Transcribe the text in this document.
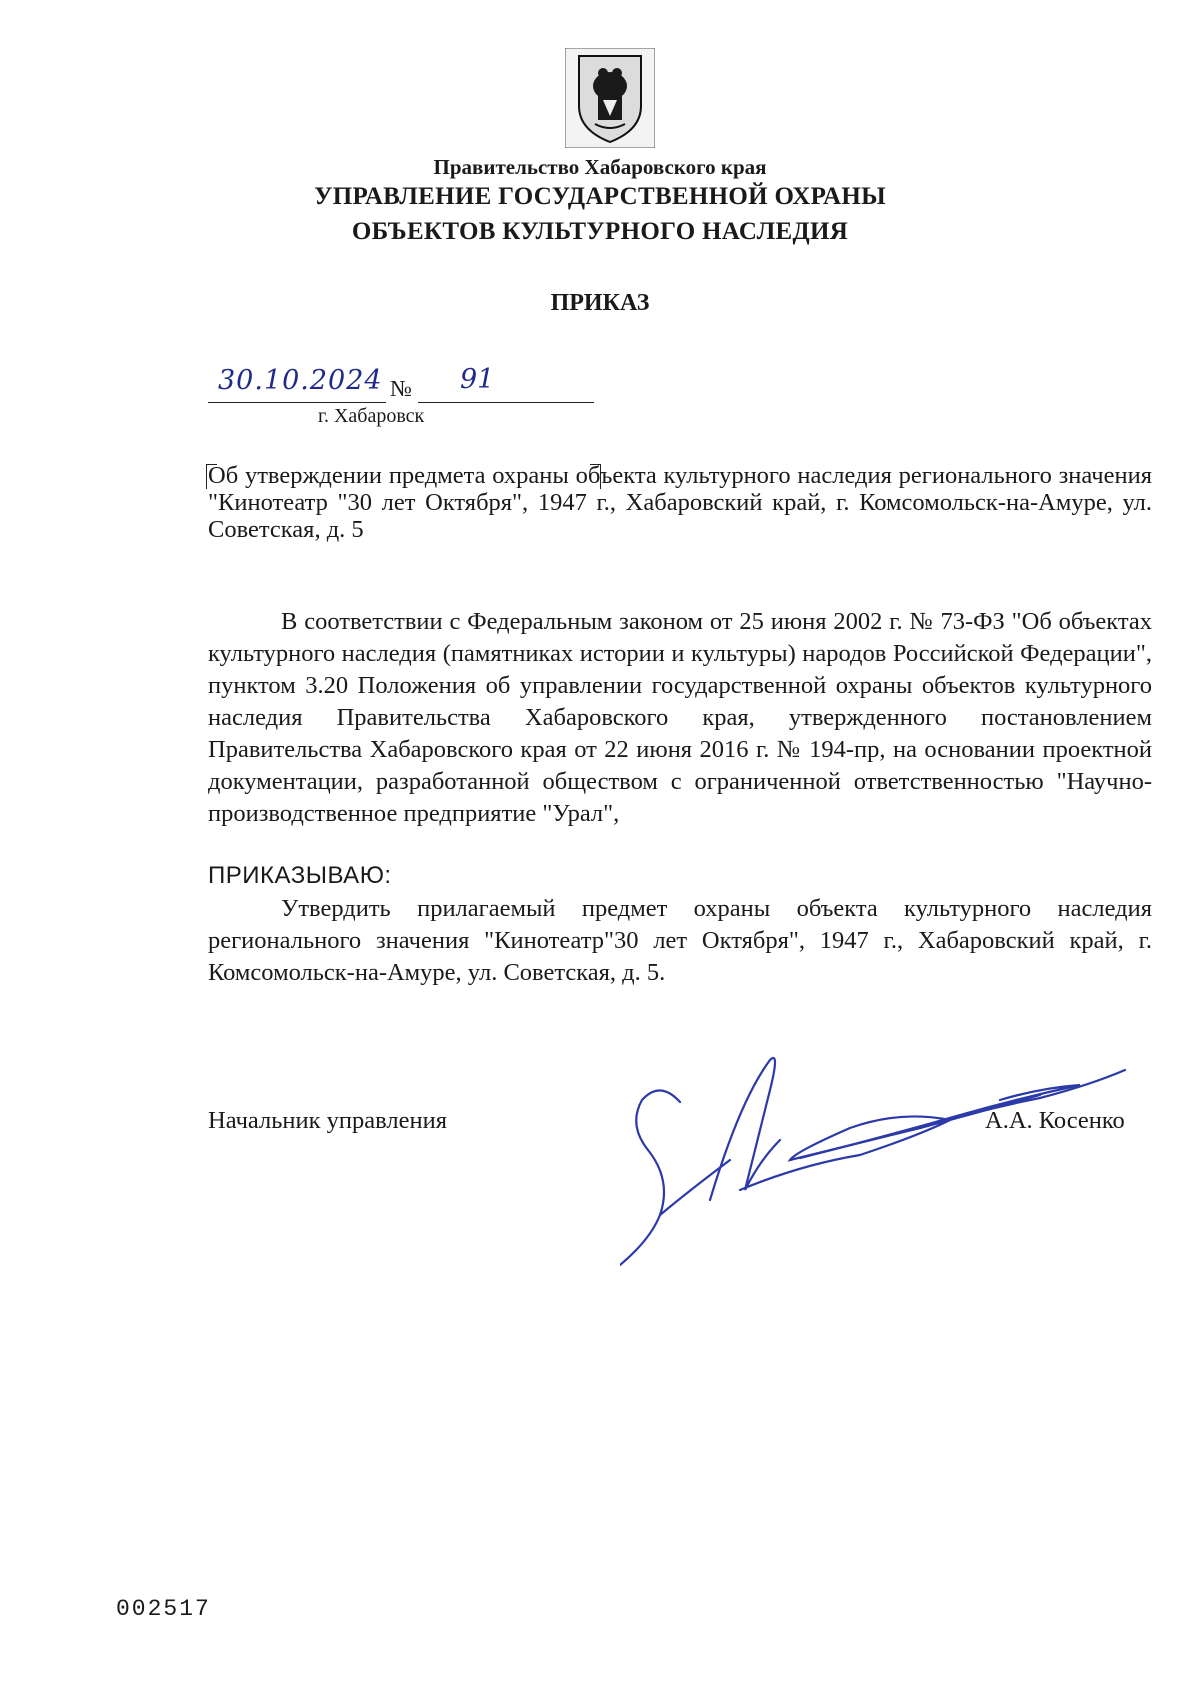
Правительство Хабаровского края
УПРАВЛЕНИЕ ГОСУДАРСТВЕННОЙ ОХРАНЫ
ОБЪЕКТОВ КУЛЬТУРНОГО НАСЛЕДИЯ
ПРИКАЗ
30.10.2024 № 91
г. Хабаровск
Об утверждении предмета охраны объекта культурного наследия регионального значения "Кинотеатр "30 лет Октября", 1947 г., Хабаровский край, г. Комсомольск-на-Амуре, ул. Советская, д. 5

В соответствии с Федеральным законом от 25 июня 2002 г. № 73-ФЗ "Об объектах культурного наследия (памятниках истории и культуры) народов Российской Федерации", пунктом 3.20 Положения об управлении государственной охраны объектов культурного наследия Правительства Хабаровского края, утвержденного постановлением Правительства Хабаровского края от 22 июня 2016 г. № 194-пр, на основании проектной документации, разработанной обществом с ограниченной ответственностью "Научно-производственное предприятие "Урал",

ПРИКАЗЫВАЮ:

Утвердить прилагаемый предмет охраны объекта культурного наследия регионального значения "Кинотеатр"30 лет Октября", 1947 г., Хабаровский край, г. Комсомольск-на-Амуре, ул. Советская, д. 5.

Начальник управления	А.А. Косенко
002517
